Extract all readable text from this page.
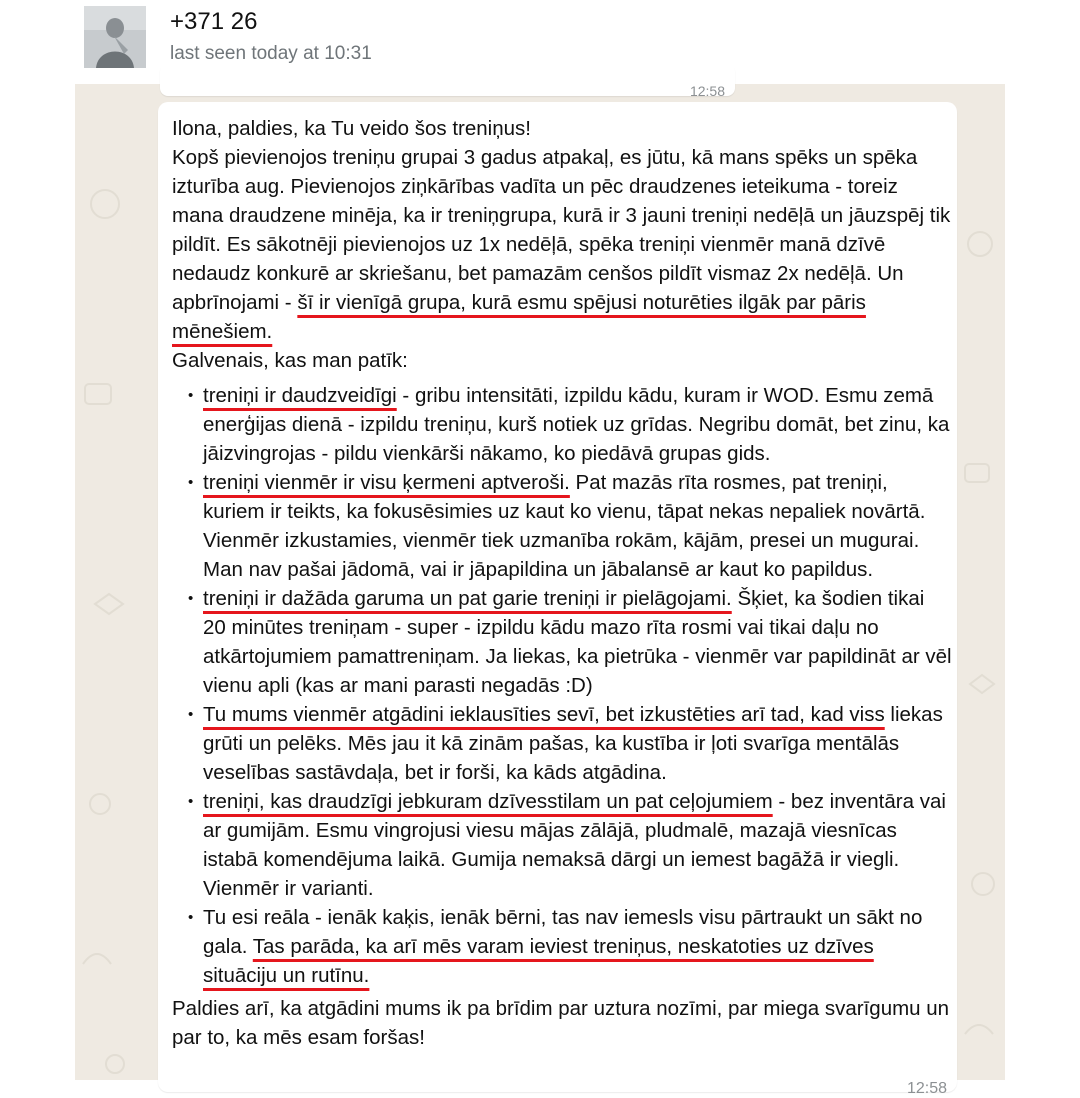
+371 26
last seen today at 10:31
12:58

Ilona, paldies, ka Tu veido šos treniņus!

Kopš pievienojos treniņu grupai 3 gadus atpakaļ, es jūtu, kā mans spēks un spēka izturība aug. Pievienojos ziņkārības vadīta un pēc draudzenes ieteikuma - toreiz mana draudzene minēja, ka ir treniņgrupa, kurā ir 3 jauni treniņi nedēļā un jāuzspēj tik pildīt. Es sākotnēji pievienojos uz 1x nedēļā, spēka treniņi vienmēr manā dzīvē nedaudz konkurē ar skriešanu, bet pamazām cenšos pildīt vismaz 2x nedēļā. Un apbrīnojami - šī ir vienīgā grupa, kurā esmu spējusi noturēties ilgāk par pāris mēnešiem.

Galvenais, kas man patīk:

• treniņi ir daudzveidīgi - gribu intensitāti, izpildu kādu, kuram ir WOD. Esmu zemā enerģijas dienā - izpildu treniņu, kurš notiek uz grīdas. Negribu domāt, bet zinu, ka jāizvingrojas - pildu vienkārši nākamo, ko piedāvā grupas gids.
• treniņi vienmēr ir visu ķermeni aptveroši. Pat mazās rīta rosmes, pat treniņi, kuriem ir teikts, ka fokusēsimies uz kaut ko vienu, tāpat nekas nepaliek novārtā. Vienmēr izkustamies, vienmēr tiek uzmanība rokām, kājām, presei un mugurai. Man nav pašai jādomā, vai ir jāpapildina un jābalansē ar kaut ko papildus.
• treniņi ir dažāda garuma un pat garie treniņi ir pielāgojami. Šķiet, ka šodien tikai 20 minūtes treniņam - super - izpildu kādu mazo rīta rosmi vai tikai daļu no atkārtojumiem pamattreniņam. Ja liekas, ka pietrūka - vienmēr var papildināt ar vēl vienu apli (kas ar mani parasti negadās :D)
• Tu mums vienmēr atgādini ieklausīties sevī, bet izkustēties arī tad, kad viss liekas grūti un pelēks. Mēs jau it kā zinām pašas, ka kustība ir ļoti svarīga mentālās veselības sastāvdaļa, bet ir forši, ka kāds atgādina.
• treniņi, kas draudzīgi jebkuram dzīvesstilam un pat ceļojumiem - bez inventāra vai ar gumijām. Esmu vingrojusi viesu mājas zālājā, pludmalē, mazajā viesnīcas istabā komendējuma laikā. Gumija nemaksā dārgi un iemest bagāžā ir viegli. Vienmēr ir varianti.
• Tu esi reāla - ienāk kaķis, ienāk bērni, tas nav iemesls visu pārtraukt un sākt no gala. Tas parāda, ka arī mēs varam ieviest treniņus, neskatoties uz dzīves situāciju un rutīnu.

Paldies arī, ka atgādini mums ik pa brīdim par uztura nozīmi, par miega svarīgumu un par to, ka mēs esam foršas!

12:58
